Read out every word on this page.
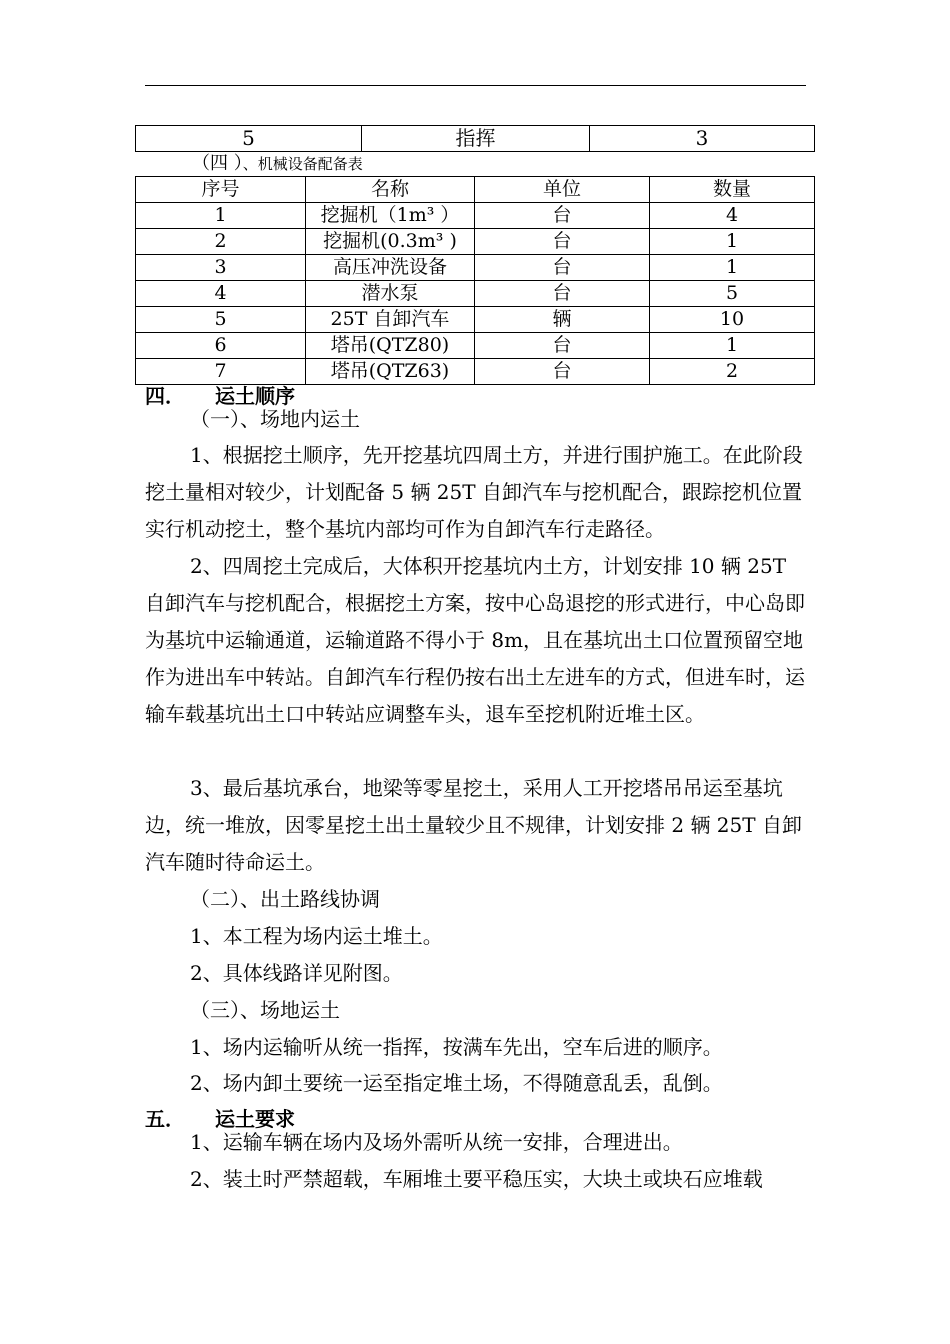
5	指挥	3
（四 ）、机械设备配备表
序号	名称	单位	数量
1	挖掘机（1m³ ）	台	4
2	挖掘机(0.3m³ )	台	1
3	高压冲洗设备	台	1
4	潜水泵	台	5
5	25T 自卸汽车	辆	10
6	塔吊(QTZ80)	台	1
7	塔吊(QTZ63)	台	2
四． 运土顺序
（一）、场地内运土
1、根据挖土顺序，先开挖基坑四周土方，并进行围护施工。在此阶段挖土量相对较少，计划配备 5 辆 25T 自卸汽车与挖机配合，跟踪挖机位置实行机动挖土，整个基坑内部均可作为自卸汽车行走路径。
2、四周挖土完成后，大体积开挖基坑内土方，计划安排 10 辆 25T 自卸汽车与挖机配合，根据挖土方案，按中心岛退挖的形式进行，中心岛即为基坑中运输通道，运输道路不得小于 8m，且在基坑出土口位置预留空地作为进出车中转站。自卸汽车行程仍按右出土左进车的方式，但进车时，运输车载基坑出土口中转站应调整车头，退车至挖机附近堆土区。
3、最后基坑承台，地梁等零星挖土，采用人工开挖塔吊吊运至基坑边，统一堆放，因零星挖土出土量较少且不规律，计划安排 2 辆 25T 自卸汽车随时待命运土。
（二）、出土路线协调
1、本工程为场内运土堆土。
2、具体线路详见附图。
（三）、场地运土
1、场内运输听从统一指挥，按满车先出，空车后进的顺序。
2、场内卸土要统一运至指定堆土场，不得随意乱丢，乱倒。
五． 运土要求
1、运输车辆在场内及场外需听从统一安排，合理进出。
2、装土时严禁超载，车厢堆土要平稳压实，大块土或块石应堆载
